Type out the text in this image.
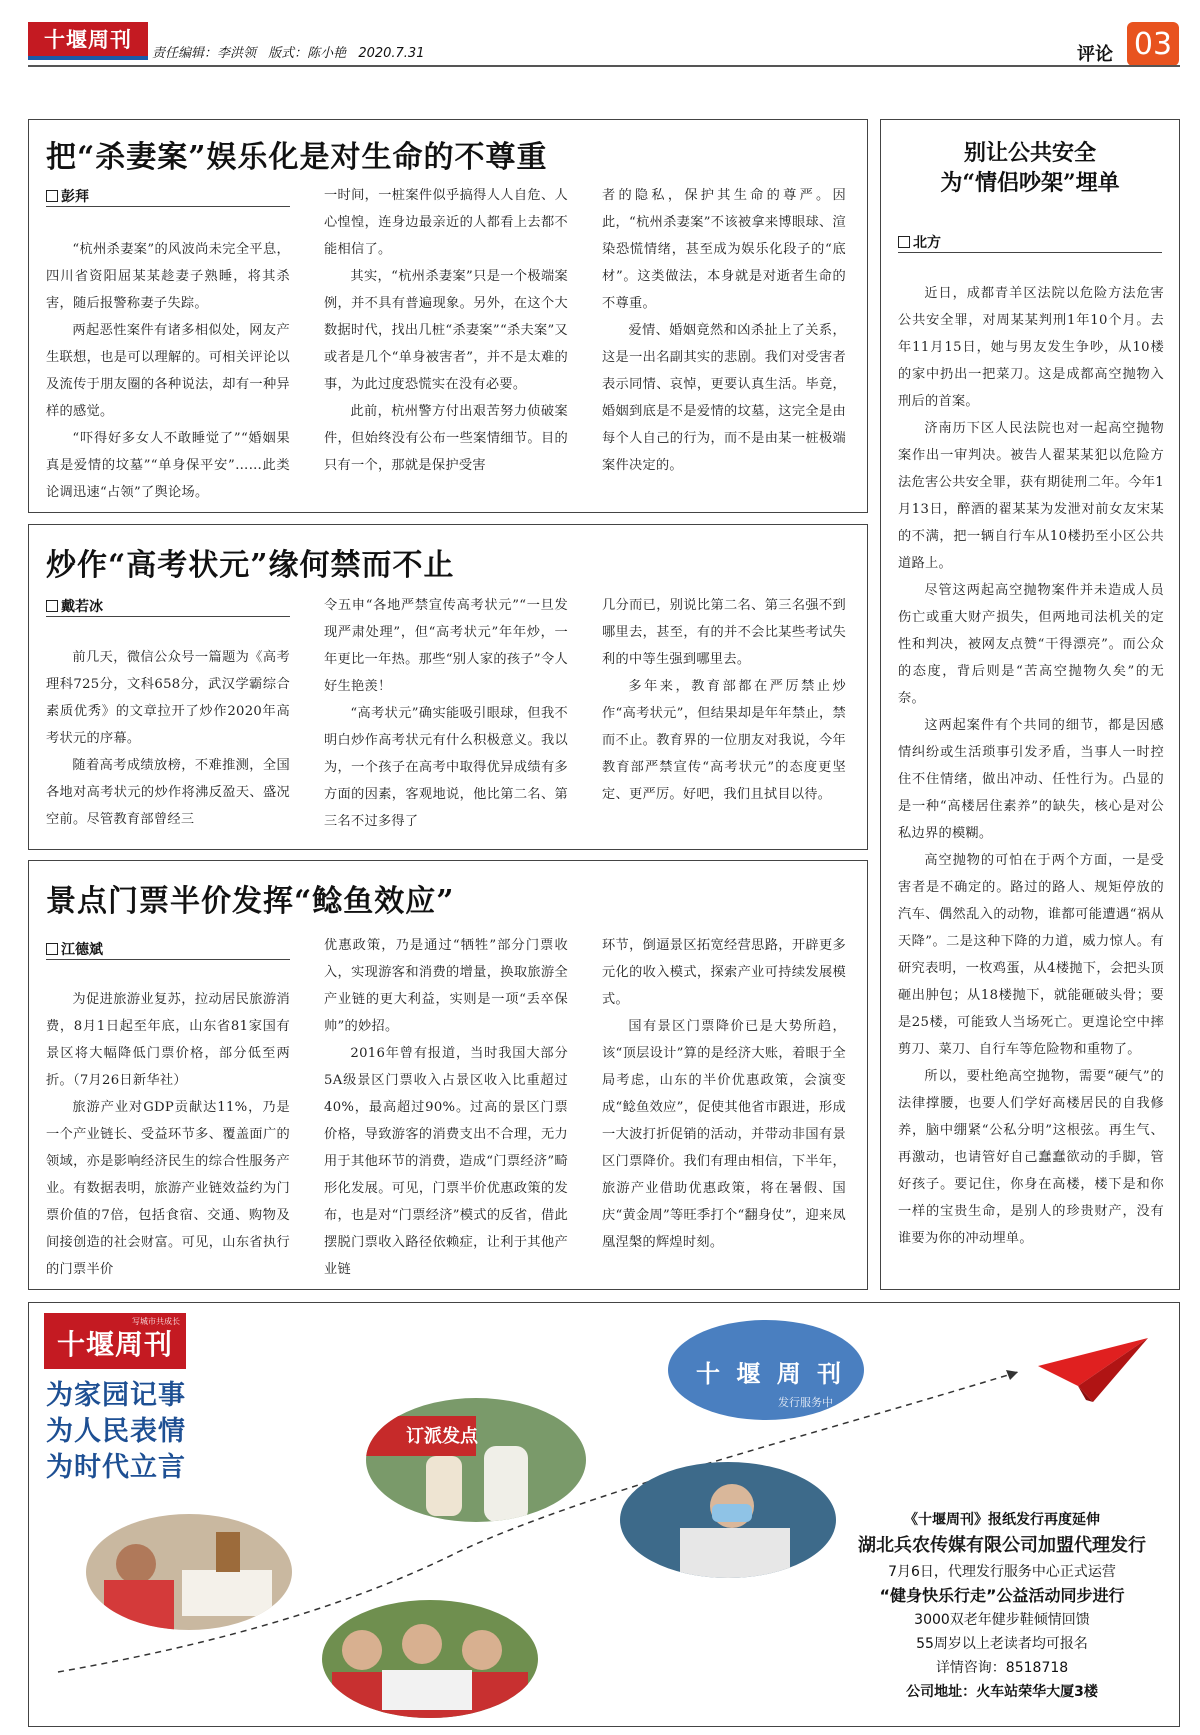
十堰周刊
责任编辑：李洪领 版式：陈小艳 2020.7.31	评论 03
把“杀妻案”娱乐化是对生命的不尊重
彭拜

“杭州杀妻案”的风波尚未完全平息，四川省资阳屈某某趁妻子熟睡，将其杀害，随后报警称妻子失踪。

两起恶性案件有诸多相似处，网友产生联想，也是可以理解的。可相关评论以及流传于朋友圈的各种说法，却有一种异样的感觉。

“吓得好多女人不敢睡觉了”“婚姻果真是爱情的坟墓”“单身保平安”……此类论调迅速“占领”了舆论场。

一时间，一桩案件似乎搞得人人自危、人心惶惶，连身边最亲近的人都看上去都不能相信了。

其实，“杭州杀妻案”只是一个极端案例，并不具有普遍现象。另外，在这个大数据时代，找出几桩“杀妻案”“杀夫案”又或者是几个“单身被害者”，并不是太难的事，为此过度恐慌实在没有必要。

此前，杭州警方付出艰苦努力侦破案件，但始终没有公布一些案情细节。目的只有一个，那就是保护受害

者的隐私，保护其生命的尊严。因此，“杭州杀妻案”不该被拿来博眼球、渲染恐慌情绪，甚至成为娱乐化段子的“底材”。这类做法，本身就是对逝者生命的不尊重。

爱情、婚姻竟然和凶杀扯上了关系，这是一出名副其实的悲剧。我们对受害者表示同情、哀悼，更要认真生活。毕竟，婚姻到底是不是爱情的坟墓，这完全是由每个人自己的行为，而不是由某一桩极端案件决定的。

炒作“高考状元”缘何禁而不止
戴若冰

前几天，微信公众号一篇题为《高考理科725分，文科658分，武汉学霸综合素质优秀》的文章拉开了炒作2020年高考状元的序幕。

随着高考成绩放榜，不难推测，全国各地对高考状元的炒作将沸反盈天、盛况空前。尽管教育部曾经三

令五申“各地严禁宣传高考状元”“一旦发现严肃处理”，但“高考状元”年年炒，一年更比一年热。那些“别人家的孩子”令人好生艳羡！

“高考状元”确实能吸引眼球，但我不明白炒作高考状元有什么积极意义。我以为，一个孩子在高考中取得优异成绩有多方面的因素，客观地说，他比第二名、第三名不过多得了

几分而已，别说比第二名、第三名强不到哪里去，甚至，有的并不会比某些考试失利的中等生强到哪里去。

多年来，教育部都在严厉禁止炒作“高考状元”，但结果却是年年禁止，禁而不止。教育界的一位朋友对我说，今年教育部严禁宣传“高考状元”的态度更坚定、更严厉。好吧，我们且拭目以待。

景点门票半价发挥“鲶鱼效应”
江德斌

为促进旅游业复苏，拉动居民旅游消费，8月1日起至年底，山东省81家国有景区将大幅降低门票价格，部分低至两折。（7月26日新华社）

旅游产业对GDP贡献达11%，乃是一个产业链长、受益环节多、覆盖面广的领域，亦是影响经济民生的综合性服务产业。有数据表明，旅游产业链效益约为门票价值的7倍，包括食宿、交通、购物及间接创造的社会财富。可见，山东省执行的门票半价

优惠政策，乃是通过“牺牲”部分门票收入，实现游客和消费的增量，换取旅游全产业链的更大利益，实则是一项“丢卒保帅”的妙招。

2016年曾有报道，当时我国大部分5A级景区门票收入占景区收入比重超过40%，最高超过90%。过高的景区门票价格，导致游客的消费支出不合理，无力用于其他环节的消费，造成“门票经济”畸形化发展。可见，门票半价优惠政策的发布，也是对“门票经济”模式的反省，借此摆脱门票收入路径依赖症，让利于其他产业链

环节，倒逼景区拓宽经营思路，开辟更多元化的收入模式，探索产业可持续发展模式。

国有景区门票降价已是大势所趋，该“顶层设计”算的是经济大账，着眼于全局考虑，山东的半价优惠政策，会演变成“鲶鱼效应”，促使其他省市跟进，形成一大波打折促销的活动，并带动非国有景区门票降价。我们有理由相信，下半年，旅游产业借助优惠政策，将在暑假、国庆“黄金周”等旺季打个“翻身仗”，迎来凤凰涅槃的辉煌时刻。

别让公共安全
为“情侣吵架”埋单
北方

近日，成都青羊区法院以危险方法危害公共安全罪，对周某某判刑1年10个月。去年11月15日，她与男友发生争吵，从10楼的家中扔出一把菜刀。这是成都高空抛物入刑后的首案。

济南历下区人民法院也对一起高空抛物案作出一审判决。被告人翟某某犯以危险方法危害公共安全罪，获有期徒刑二年。今年1月13日，醉酒的翟某某为发泄对前女友宋某的不满，把一辆自行车从10楼扔至小区公共道路上。

尽管这两起高空抛物案件并未造成人员伤亡或重大财产损失，但两地司法机关的定性和判决，被网友点赞“干得漂亮”。而公众的态度，背后则是“苦高空抛物久矣”的无奈。

这两起案件有个共同的细节，都是因感情纠纷或生活琐事引发矛盾，当事人一时控住不住情绪，做出冲动、任性行为。凸显的是一种“高楼居住素养”的缺失，核心是对公私边界的模糊。

高空抛物的可怕在于两个方面，一是受害者是不确定的。路过的路人、规矩停放的汽车、偶然乱入的动物，谁都可能遭遇“祸从天降”。二是这种下降的力道，威力惊人。有研究表明，一枚鸡蛋，从4楼抛下，会把头顶砸出肿包；从18楼抛下，就能砸破头骨；要是25楼，可能致人当场死亡。更遑论空中摔剪刀、菜刀、自行车等危险物和重物了。

所以，要杜绝高空抛物，需要“硬气”的法律撑腰，也要人们学好高楼居民的自我修养，脑中绷紧“公私分明”这根弦。再生气、再激动，也请管好自己蠢蠢欲动的手脚，管好孩子。要记住，你身在高楼，楼下是和你一样的宝贵生命，是别人的珍贵财产，没有谁要为你的冲动埋单。

写城市共成长
十堰周刊
为家园记事
为人民表情
为时代立言
十 堰 周 刊
发行服务中
订派发点
《十堰周刊》报纸发行再度延伸
湖北兵农传媒有限公司加盟代理发行
7月6日，代理发行服务中心正式运营
“健身快乐行走”公益活动同步进行
3000双老年健步鞋倾情回馈
55周岁以上老读者均可报名
详情咨询：8518718
公司地址：火车站荣华大厦3楼
